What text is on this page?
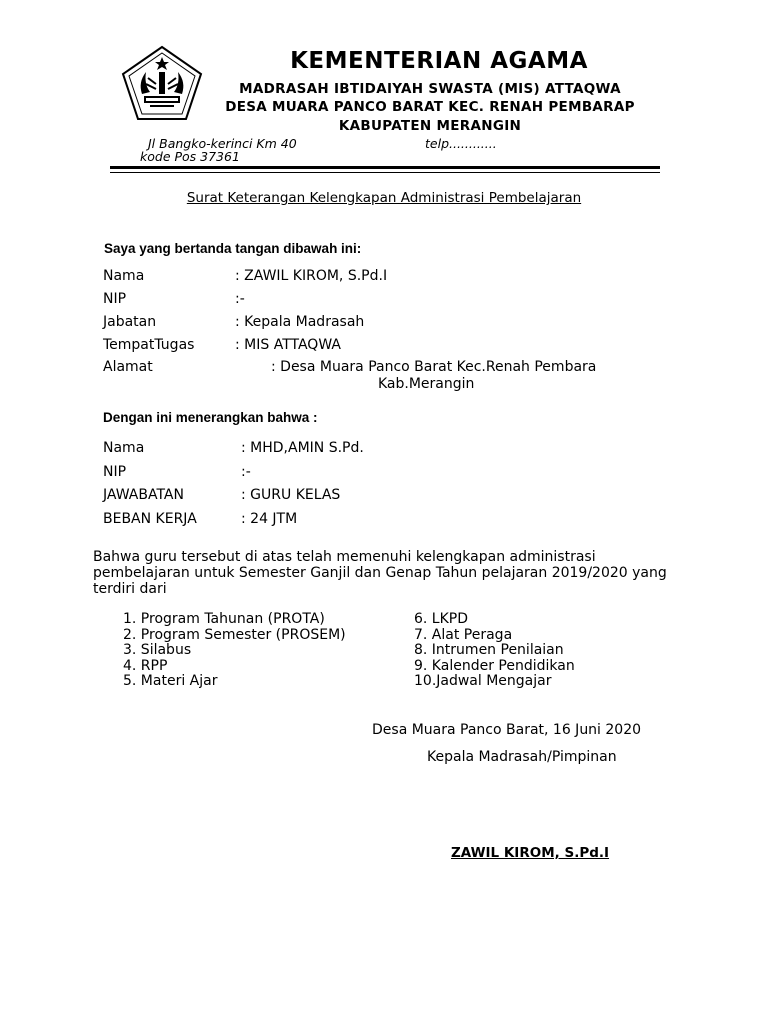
KEMENTERIAN AGAMA
MADRASAH IBTIDAIYAH SWASTA (MIS) ATTAQWA
DESA MUARA PANCO BARAT KEC. RENAH PEMBARAP
KABUPATEN MERANGIN
Jl Bangko-kerinci Km 40	telp............
kode Pos 37361
Surat Keterangan Kelengkapan Administrasi Pembelajaran
Saya yang bertanda tangan dibawah ini:
Nama	: ZAWIL KIROM, S.Pd.I
NIP	:-
Jabatan	: Kepala Madrasah
TempatTugas	: MIS ATTAQWA
Alamat	: Desa Muara Panco Barat Kec.Renah Pembara
Kab.Merangin
Dengan ini menerangkan bahwa :
Nama	: MHD,AMIN S.Pd.
NIP	:-
JAWABATAN	: GURU KELAS
BEBAN KERJA	: 24 JTM
Bahwa guru tersebut di atas telah memenuhi kelengkapan administrasi pembelajaran untuk Semester Ganjil dan Genap Tahun pelajaran 2019/2020 yang terdiri dari
1. Program Tahunan (PROTA)
2. Program Semester (PROSEM)
3. Silabus
4. RPP
5. Materi Ajar
6. LKPD
7. Alat Peraga
8. Intrumen Penilaian
9. Kalender Pendidikan
10.Jadwal Mengajar
Desa Muara Panco Barat, 16 Juni 2020
Kepala Madrasah/Pimpinan
ZAWIL KIROM, S.Pd.I
